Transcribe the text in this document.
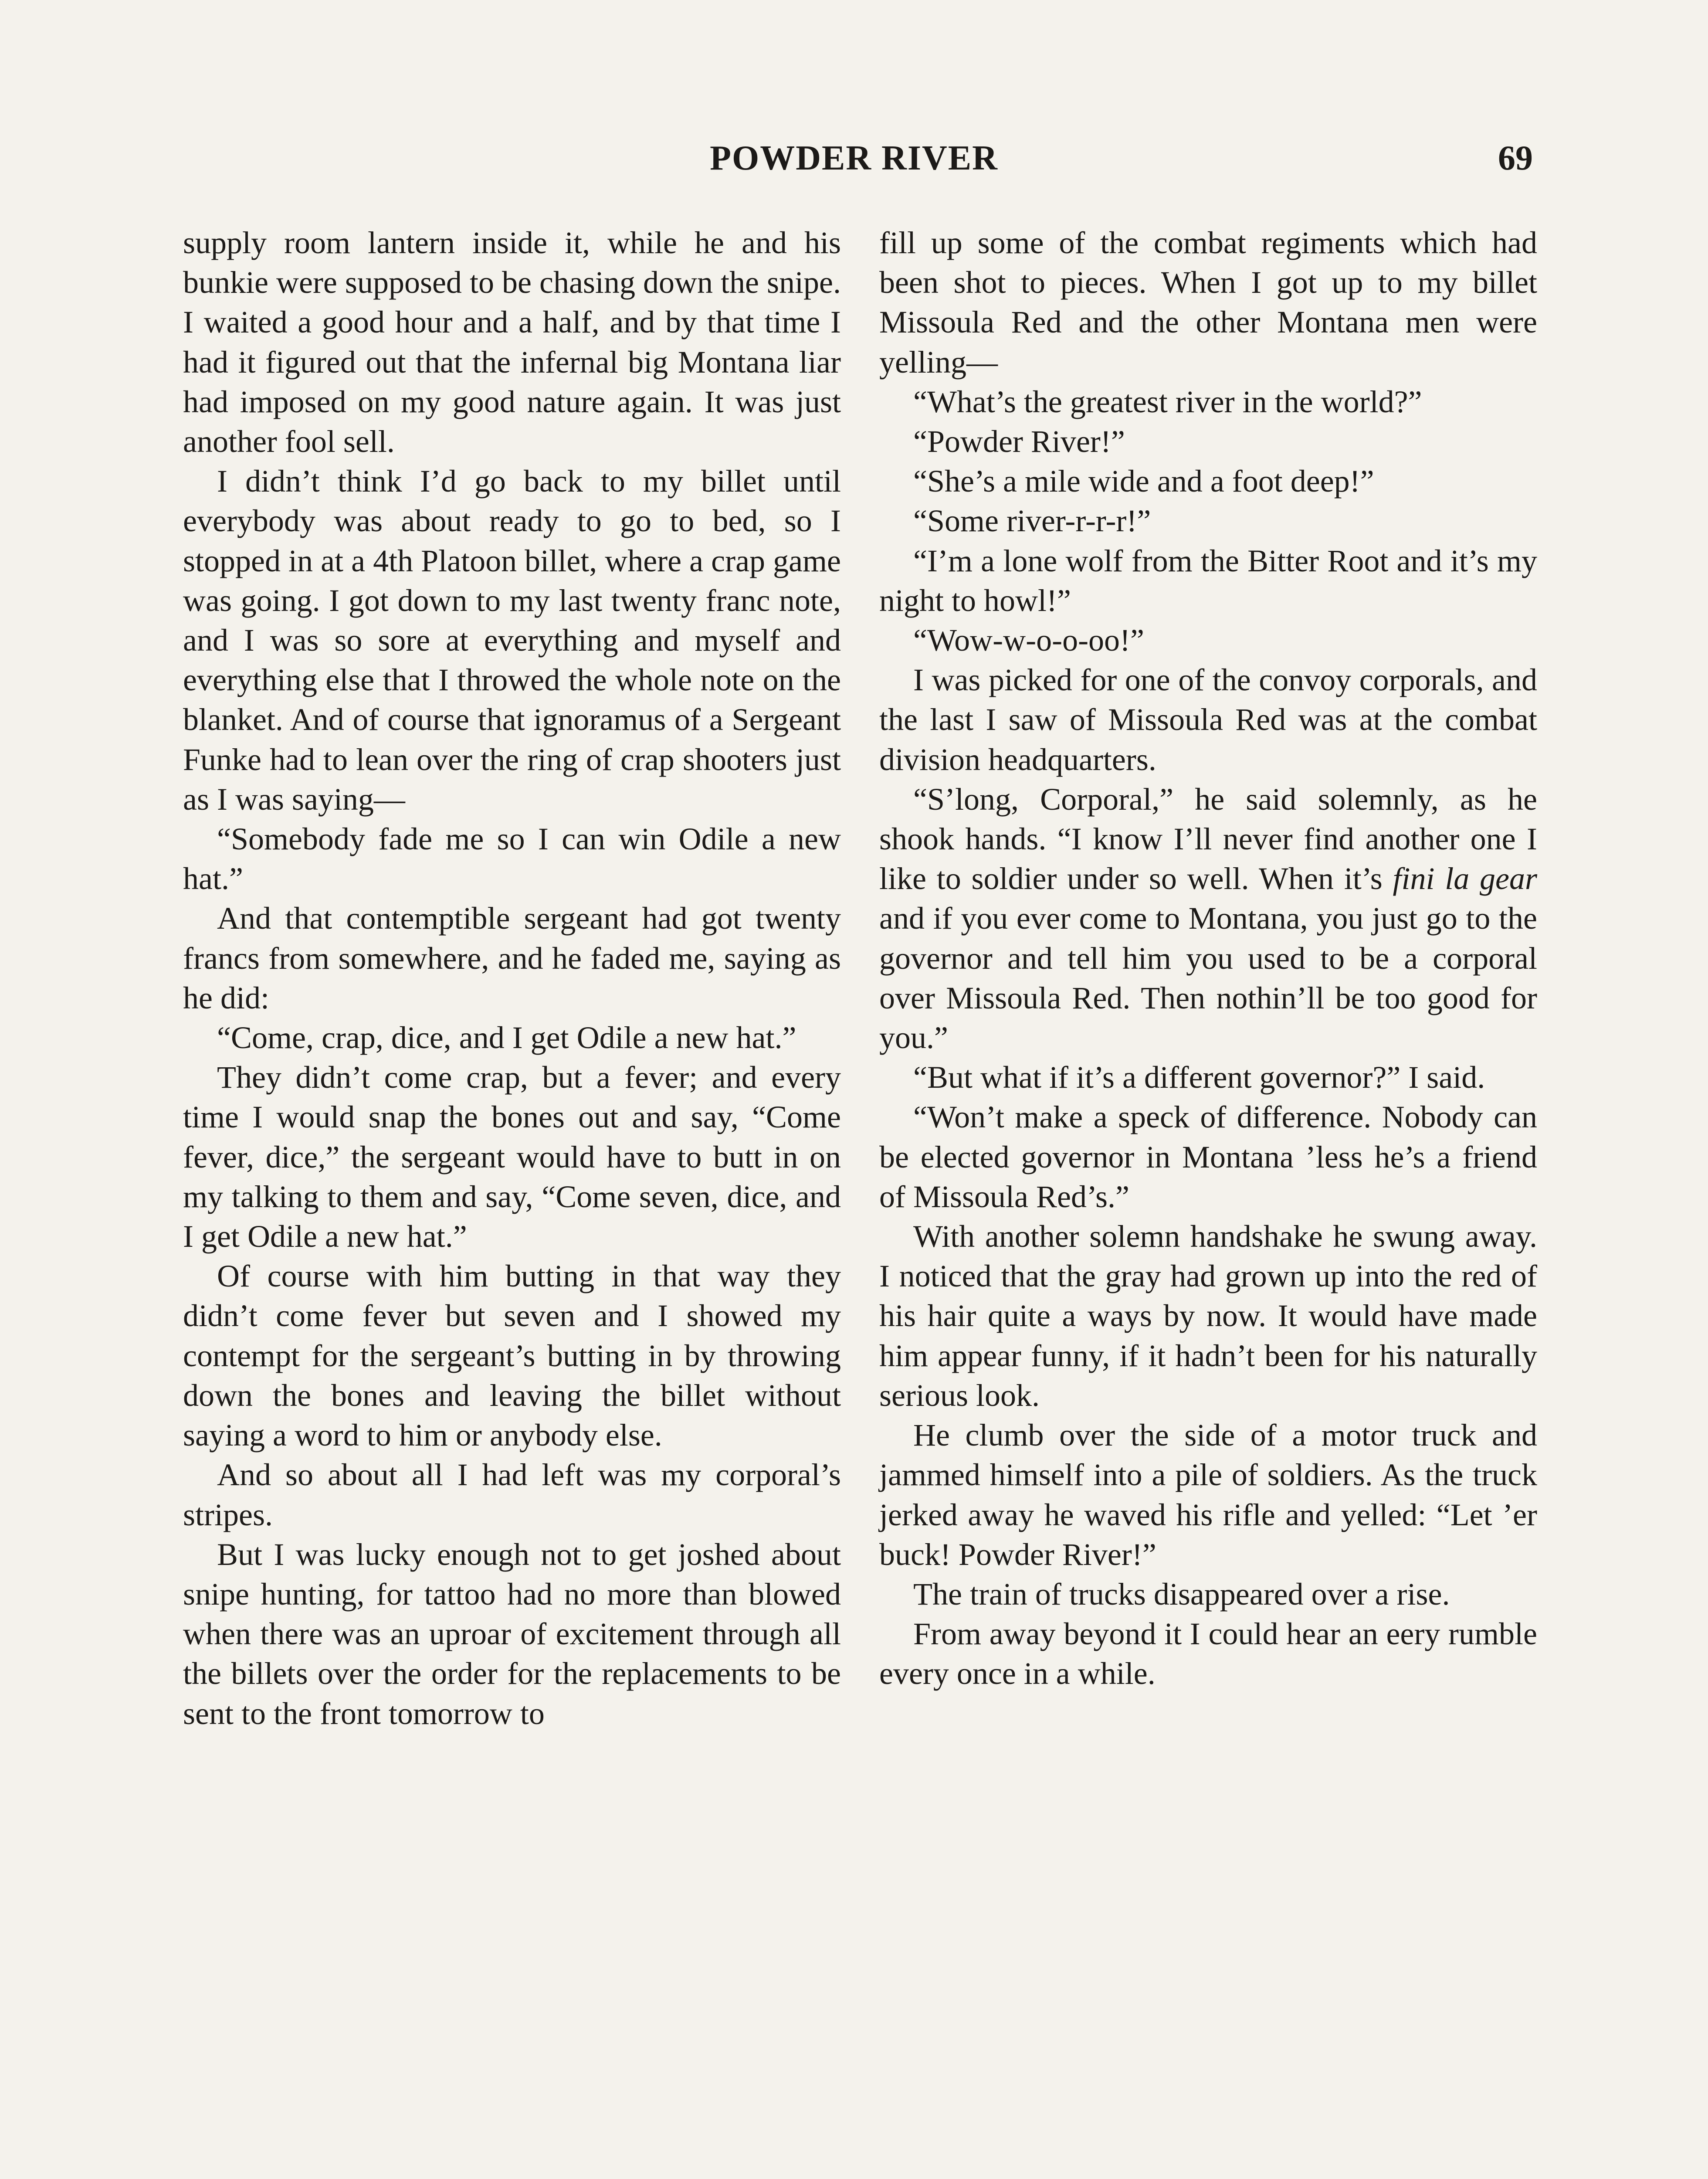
POWDER RIVER	69

supply room lantern inside it, while he and his bunkie were supposed to be chasing down the snipe. I waited a good hour and a half, and by that time I had it figured out that the infernal big Montana liar had imposed on my good nature again. It was just another fool sell.

I didn’t think I’d go back to my billet until everybody was about ready to go to bed, so I stopped in at a 4th Platoon billet, where a crap game was going. I got down to my last twenty franc note, and I was so sore at everything and myself and everything else that I throwed the whole note on the blanket. And of course that ignoramus of a Sergeant Funke had to lean over the ring of crap shooters just as I was saying—

“Somebody fade me so I can win Odile a new hat.”

And that contemptible sergeant had got twenty francs from somewhere, and he faded me, saying as he did:

“Come, crap, dice, and I get Odile a new hat.”

They didn’t come crap, but a fever; and every time I would snap the bones out and say, “Come fever, dice,” the sergeant would have to butt in on my talking to them and say, “Come seven, dice, and I get Odile a new hat.”

Of course with him butting in that way they didn’t come fever but seven and I showed my contempt for the sergeant’s butting in by throwing down the bones and leaving the billet without saying a word to him or anybody else.

And so about all I had left was my corporal’s stripes.

But I was lucky enough not to get joshed about snipe hunting, for tattoo had no more than blowed when there was an uproar of excitement through all the billets over the order for the replacements to be sent to the front tomorrow to

fill up some of the combat regiments which had been shot to pieces. When I got up to my billet Missoula Red and the other Montana men were yelling—

“What’s the greatest river in the world?”

“Powder River!”

“She’s a mile wide and a foot deep!”

“Some river-r-r-r!”

“I’m a lone wolf from the Bitter Root and it’s my night to howl!”

“Wow-w-o-o-oo!”

I was picked for one of the convoy corporals, and the last I saw of Missoula Red was at the combat division headquarters.

“S’long, Corporal,” he said solemnly, as he shook hands. “I know I’ll never find another one I like to soldier under so well. When it’s fini la gear and if you ever come to Montana, you just go to the governor and tell him you used to be a corporal over Missoula Red. Then nothin’ll be too good for you.”

“But what if it’s a different governor?” I said.

“Won’t make a speck of difference. Nobody can be elected governor in Montana ’less he’s a friend of Missoula Red’s.”

With another solemn handshake he swung away. I noticed that the gray had grown up into the red of his hair quite a ways by now. It would have made him appear funny, if it hadn’t been for his naturally serious look.

He clumb over the side of a motor truck and jammed himself into a pile of soldiers. As the truck jerked away he waved his rifle and yelled: “Let ’er buck! Powder River!”

The train of trucks disappeared over a rise.

From away beyond it I could hear an eery rumble every once in a while.
